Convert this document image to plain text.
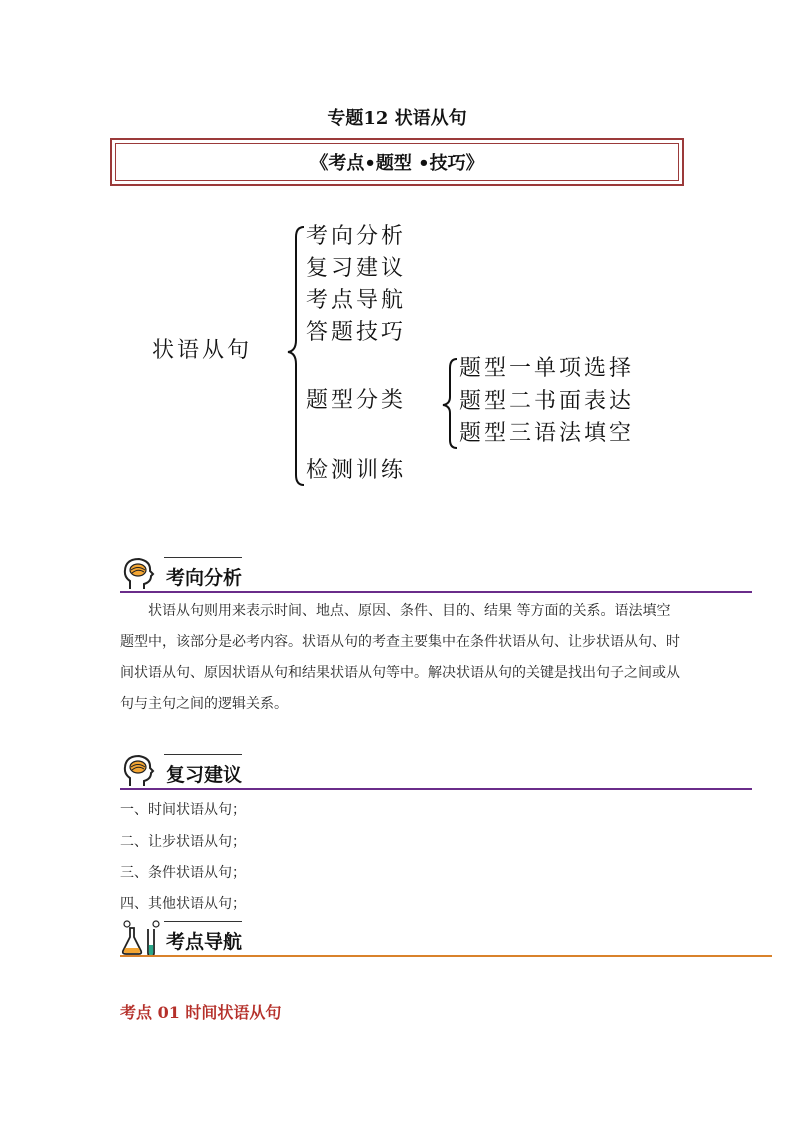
专题12 状语从句
《考点•题型 •技巧》
状语从句
考向分析
复习建议
考点导航
答题技巧
题型分类
检测训练
题型一单项选择
题型二书面表达
题型三语法填空
考向分析

状语从句则用来表示时间、地点、原因、条件、目的、结果 等方面的关系。语法填空

题型中，该部分是必考内容。状语从句的考查主要集中在条件状语从句、让步状语从句、时

间状语从句、原因状语从句和结果状语从句等中。解决状语从句的关键是找出句子之间或从

句与主句之间的逻辑关系。

复习建议
一、时间状语从句；
二、让步状语从句；
三、条件状语从句；
四、其他状语从句；
考点导航
考点 01 时间状语从句
